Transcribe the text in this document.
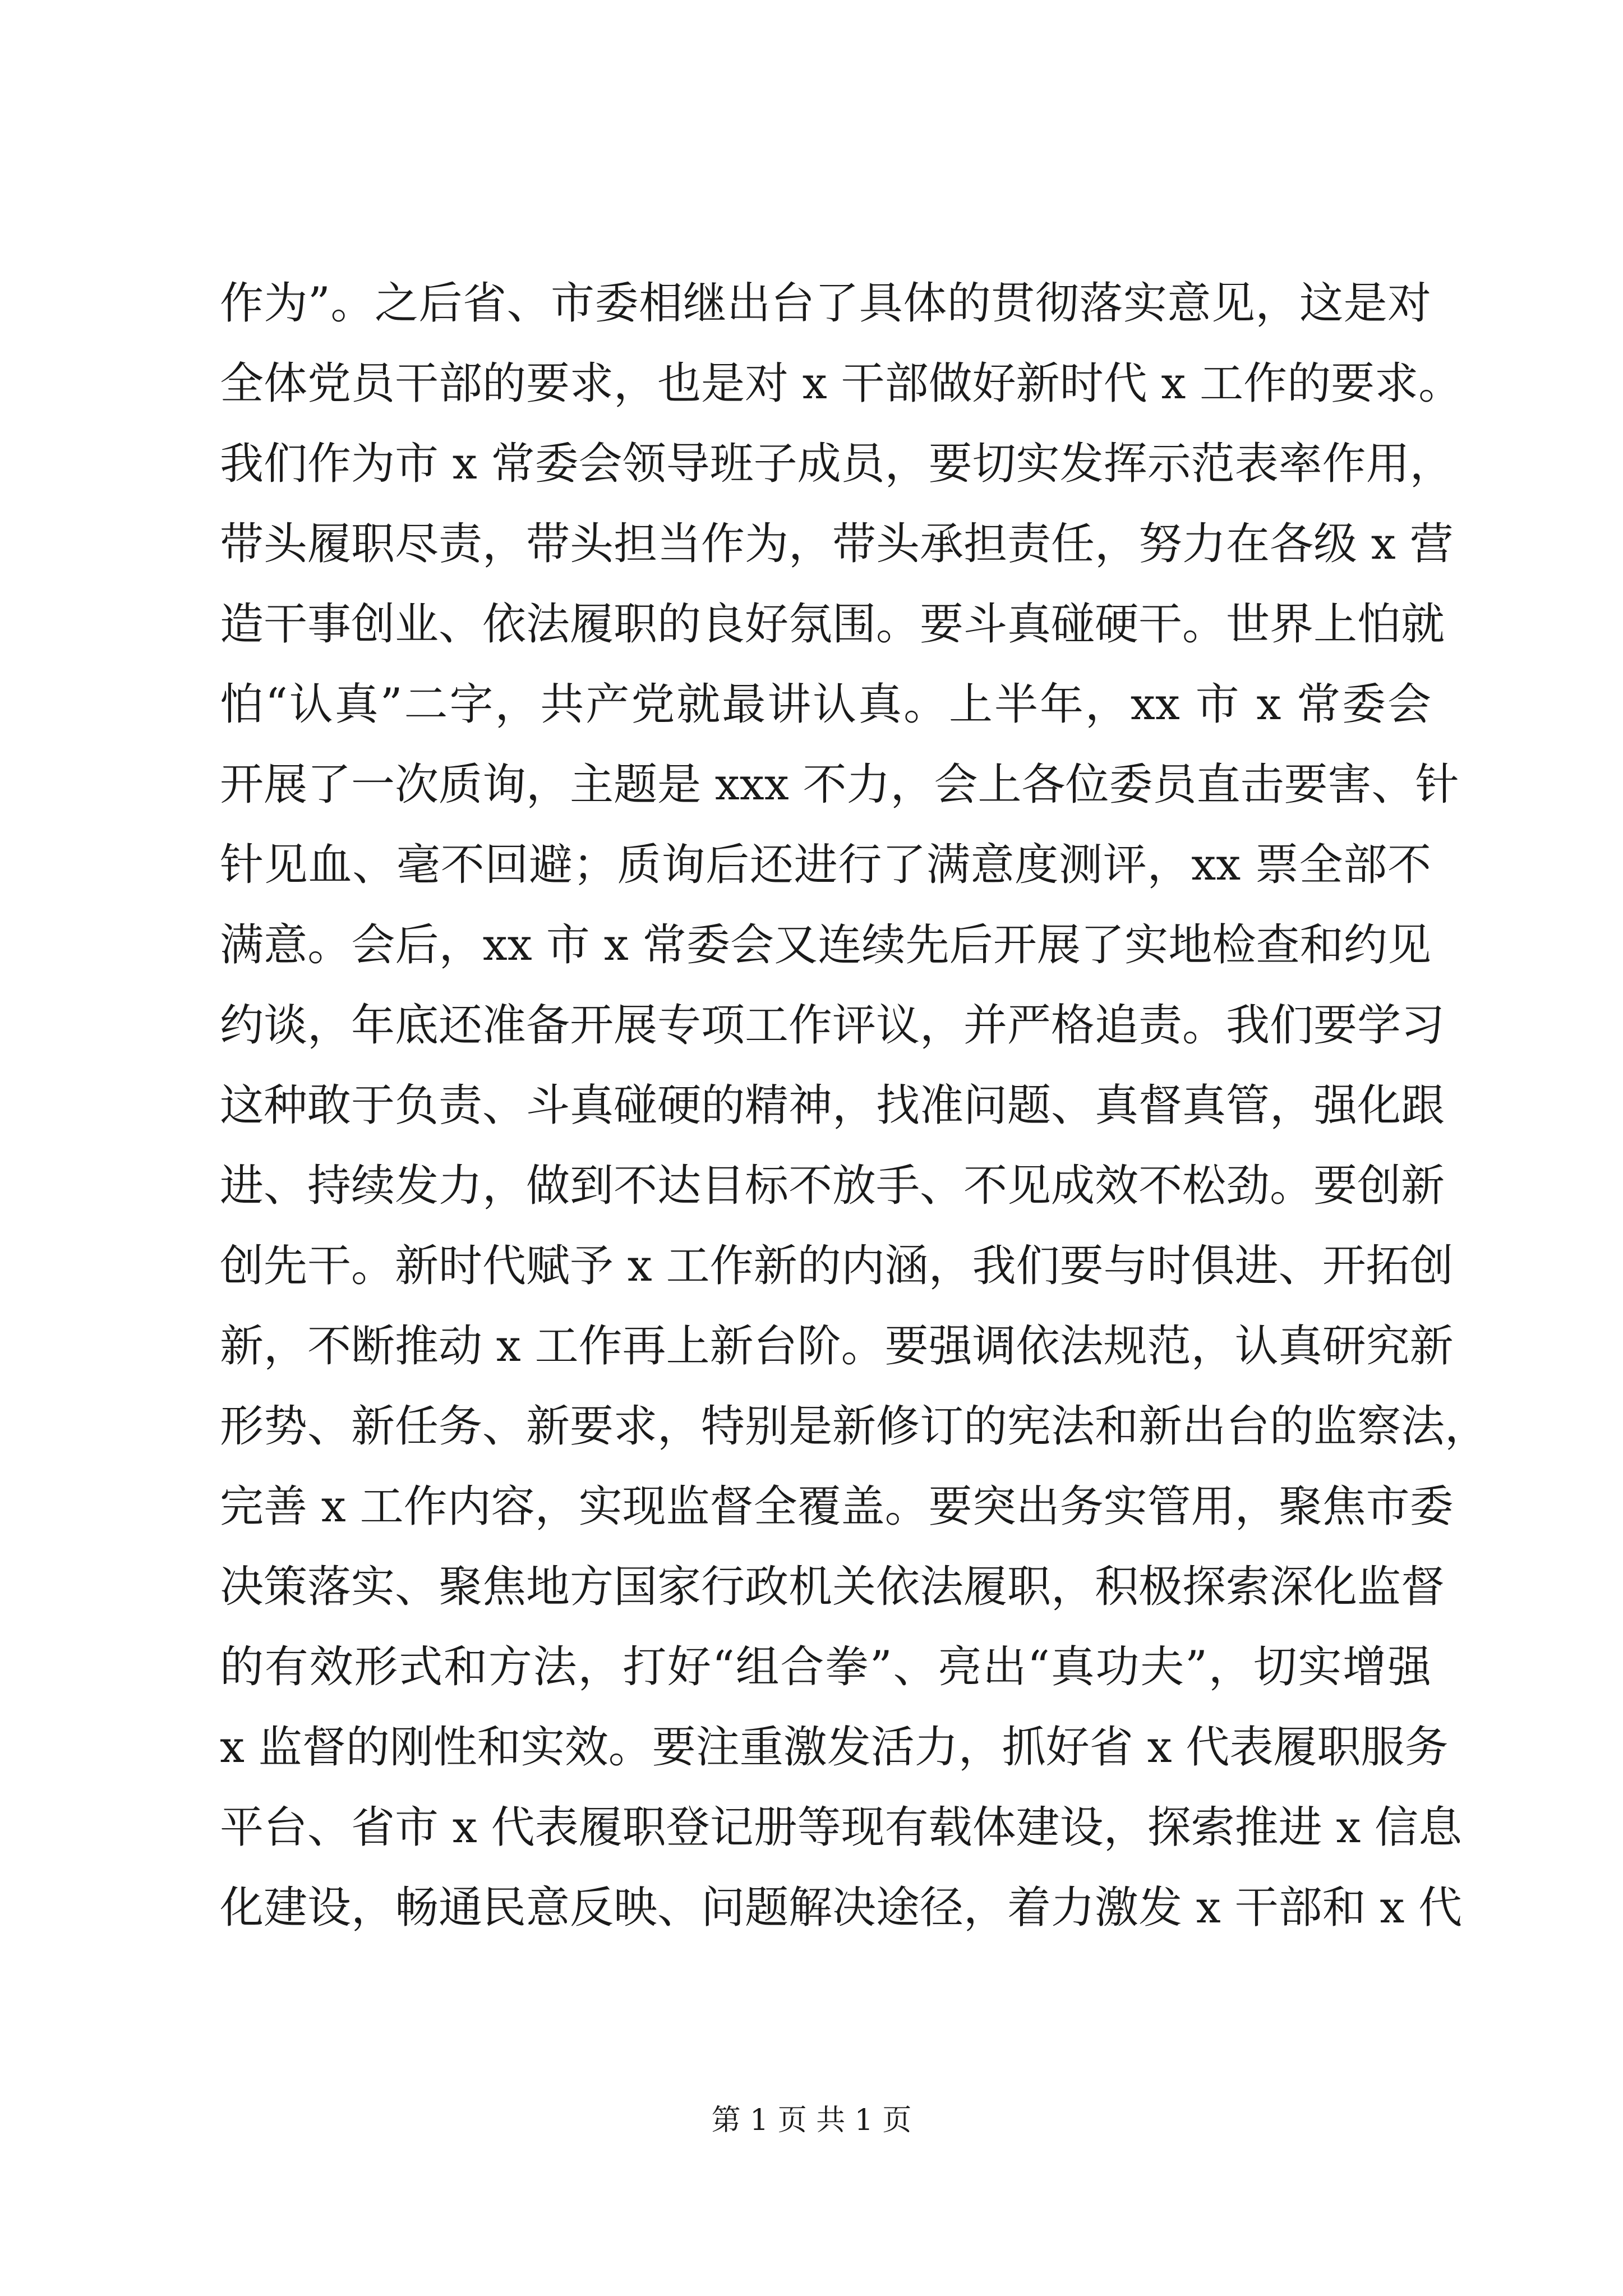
作为”。之后省、市委相继出台了具体的贯彻落实意见，这是对
全体党员干部的要求，也是对 x 干部做好新时代 x 工作的要求。
我们作为市 x 常委会领导班子成员，要切实发挥示范表率作用，
带头履职尽责，带头担当作为，带头承担责任，努力在各级 x 营
造干事创业、依法履职的良好氛围。要斗真碰硬干。世界上怕就
怕“认真”二字，共产党就最讲认真。上半年，xx 市 x 常委会
开展了一次质询，主题是 xxx 不力，会上各位委员直击要害、针
针见血、毫不回避；质询后还进行了满意度测评，xx 票全部不
满意。会后，xx 市 x 常委会又连续先后开展了实地检查和约见
约谈，年底还准备开展专项工作评议，并严格追责。我们要学习
这种敢于负责、斗真碰硬的精神，找准问题、真督真管，强化跟
进、持续发力，做到不达目标不放手、不见成效不松劲。要创新
创先干。新时代赋予 x 工作新的内涵，我们要与时俱进、开拓创
新，不断推动 x 工作再上新台阶。要强调依法规范，认真研究新
形势、新任务、新要求，特别是新修订的宪法和新出台的监察法，
完善 x 工作内容，实现监督全覆盖。要突出务实管用，聚焦市委
决策落实、聚焦地方国家行政机关依法履职，积极探索深化监督
的有效形式和方法，打好“组合拳”、亮出“真功夫”，切实增强
x 监督的刚性和实效。要注重激发活力，抓好省 x 代表履职服务
平台、省市 x 代表履职登记册等现有载体建设，探索推进 x 信息
化建设，畅通民意反映、问题解决途径，着力激发 x 干部和 x 代
第 1 页 共 1 页
